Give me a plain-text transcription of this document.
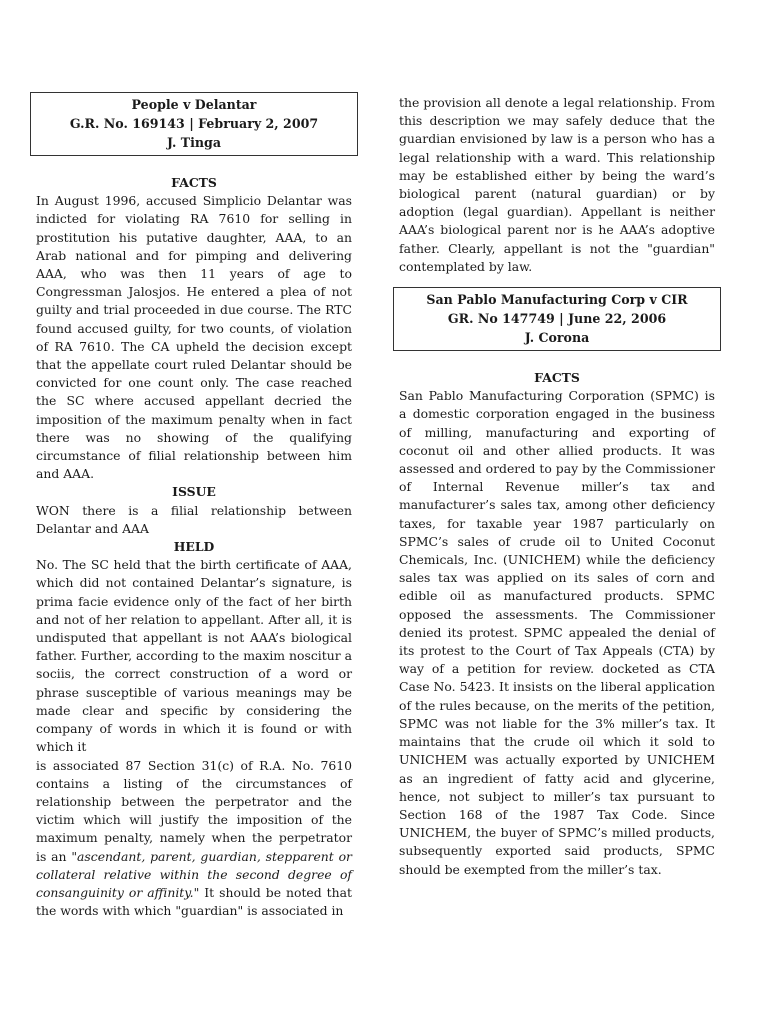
People v Delantar
G.R. No. 169143 | February 2, 2007
J. Tinga
FACTS

In August 1996, accused Simplicio Delantar was indicted for violating RA 7610 for selling in prostitution his putative daughter, AAA, to an Arab national and for pimping and delivering AAA, who was then 11 years of age to Congressman Jalosjos. He entered a plea of not guilty and trial proceeded in due course. The RTC found accused guilty, for two counts, of violation of RA 7610. The CA upheld the decision except that the appellate court ruled Delantar should be convicted for one count only. The case reached the SC where accused appellant decried the imposition of the maximum penalty when in fact there was no showing of the qualifying circumstance of filial relationship between him and AAA.

ISSUE

WON there is a filial relationship between Delantar and AAA

HELD

No. The SC held that the birth certificate of AAA, which did not contained Delantar’s signature, is prima facie evidence only of the fact of her birth and not of her relation to appellant. After all, it is undisputed that appellant is not AAA’s biological father. Further, according to the maxim noscitur a sociis, the correct construction of a word or phrase susceptible of various meanings may be made clear and specific by considering the company of words in which it is found or with which it

is associated 87 Section 31(c) of R.A. No. 7610 contains a listing of the circumstances of relationship between the perpetrator and the victim which will justify the imposition of the maximum penalty, namely when the perpetrator is an "ascendant, parent, guardian, stepparent or collateral relative within the second degree of consanguinity or affinity." It should be noted that the words with which "guardian" is associated in

the provision all denote a legal relationship. From this description we may safely deduce that the guardian envisioned by law is a person who has a legal relationship with a ward. This relationship may be established either by being the ward’s biological parent (natural guardian) or by adoption (legal guardian). Appellant is neither AAA’s biological parent nor is he AAA’s adoptive father. Clearly, appellant is not the "guardian" contemplated by law.

San Pablo Manufacturing Corp v CIR
GR. No 147749 | June 22, 2006
J. Corona
FACTS

San Pablo Manufacturing Corporation (SPMC) is a domestic corporation engaged in the business of milling, manufacturing and exporting of coconut oil and other allied products. It was assessed and ordered to pay by the Commissioner of Internal Revenue miller’s tax and manufacturer’s sales tax, among other deficiency taxes, for taxable year 1987 particularly on SPMC’s sales of crude oil to United Coconut Chemicals, Inc. (UNICHEM) while the deficiency sales tax was applied on its sales of corn and edible oil as manufactured products. SPMC opposed the assessments. The Commissioner denied its protest. SPMC appealed the denial of its protest to the Court of Tax Appeals (CTA) by way of a petition for review. docketed as CTA Case No. 5423. It insists on the liberal application of the rules because, on the merits of the petition, SPMC was not liable for the 3% miller’s tax. It maintains that the crude oil which it sold to UNICHEM was actually exported by UNICHEM as an ingredient of fatty acid and glycerine, hence, not subject to miller’s tax pursuant to Section 168 of the 1987 Tax Code. Since UNICHEM, the buyer of SPMC’s milled products, subsequently exported said products, SPMC should be exempted from the miller’s tax.
